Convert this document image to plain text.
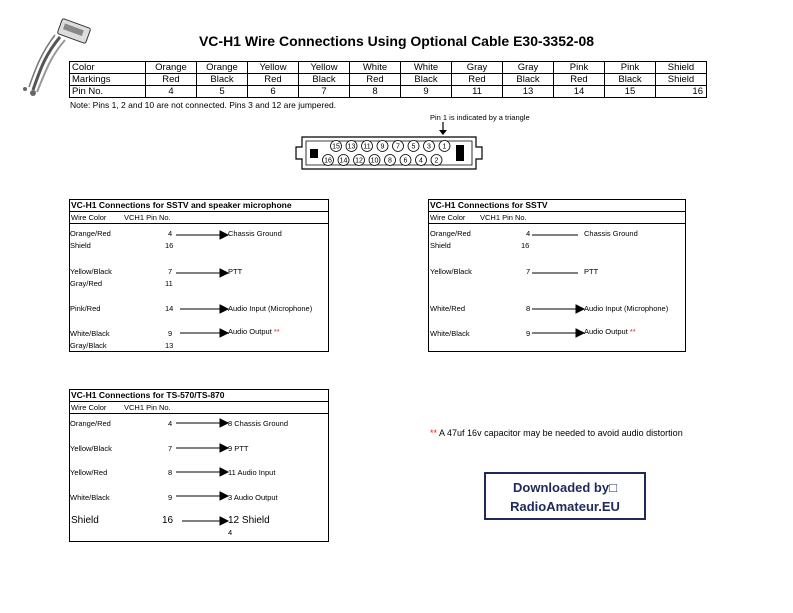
VC-H1 Wire Connections Using Optional Cable E30-3352-08
Color	Orange	Orange	Yellow	Yellow	White	White	Gray	Gray	Pink	Pink	Shield
Markings	Red	Black	Red	Black	Red	Black	Red	Black	Red	Black	Shield
Pin No.	4	5	6	7	8	9	11	13	14	15	16
Note: Pins 1, 2 and 10 are not connected. Pins 3 and 12 are jumpered.
Pin 1 is indicated by a triangle
15 13 11 9 7 5 3 1
16 14 12 10 8 6 4 2
VC-H1 Connections for SSTV and speaker microphone
Wire Color VCH1 Pin No.
Orange/Red	4	Chassis Ground
Shield	16
Yellow/Black	7	PTT
Gray/Red	11
Pink/Red	14	Audio Input (Microphone)
White/Black	9	Audio Output **
Gray/Black	13
VC-H1 Connections for SSTV
Wire Color VCH1 Pin No.
Orange/Red	4	Chassis Ground
Shield	16
Yellow/Black	7	PTT
White/Red	8	Audio Input (Microphone)
White/Black	9	Audio Output **
VC-H1 Connections for TS-570/TS-870
Wire Color VCH1 Pin No.
Orange/Red	4	8 Chassis Ground
Yellow/Black	7	9 PTT
Yellow/Red	8	11 Audio Input
White/Black	9	3 Audio Output
Shield	16	12 Shield
4
** A 47uf 16v capacitor may be needed to avoid audio distortion
Downloaded by□
RadioAmateur.EU
